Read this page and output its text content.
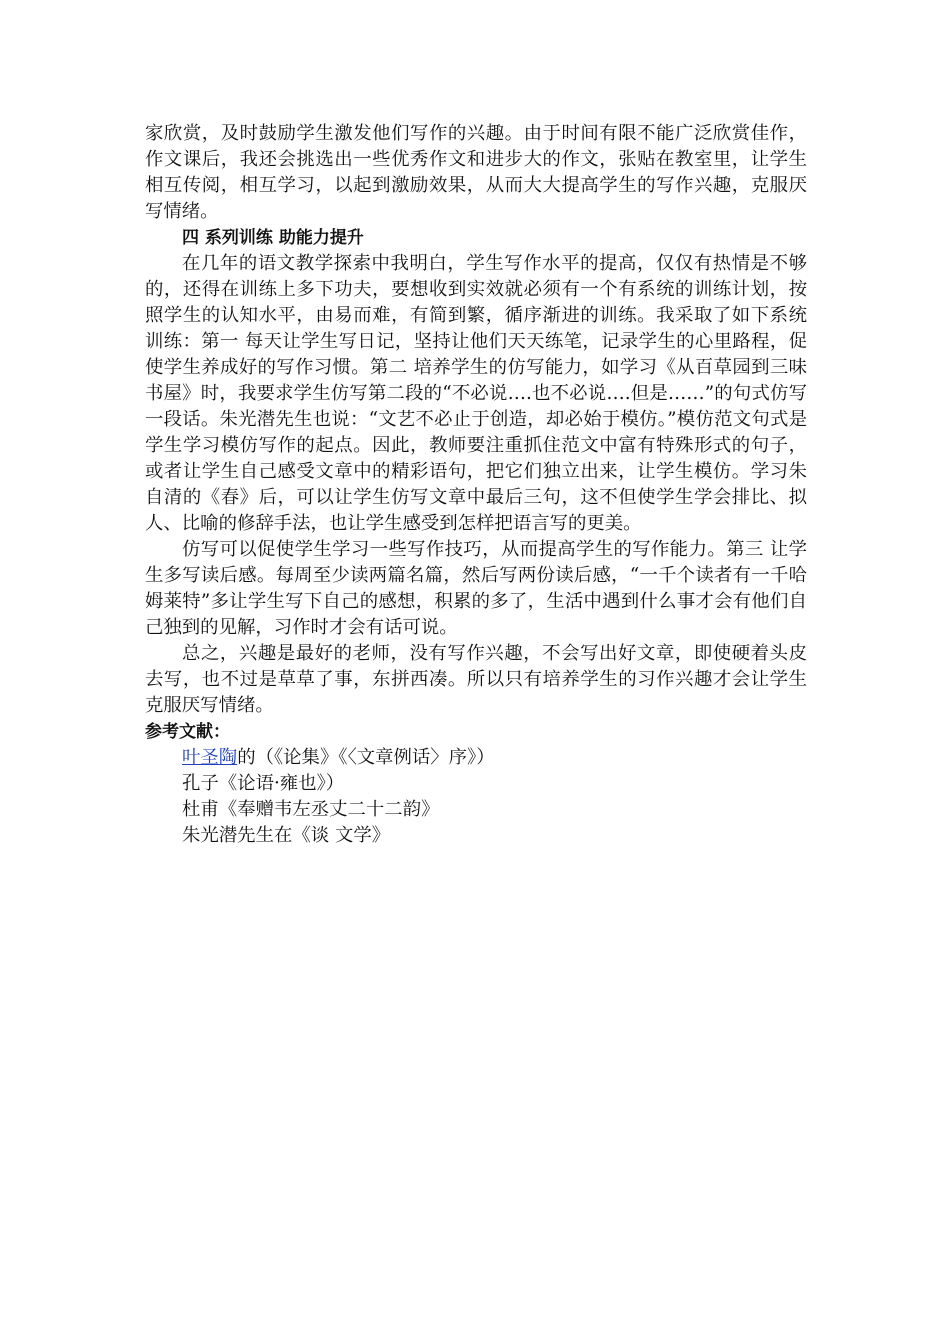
家欣赏，及时鼓励学生激发他们写作的兴趣。由于时间有限不能广泛欣赏佳作，作文课后，我还会挑选出一些优秀作文和进步大的作文，张贴在教室里，让学生相互传阅，相互学习，以起到激励效果，从而大大提高学生的写作兴趣，克服厌写情绪。

四 系列训练 助能力提升

在几年的语文教学探索中我明白，学生写作水平的提高，仅仅有热情是不够的，还得在训练上多下功夫，要想收到实效就必须有一个有系统的训练计划，按照学生的认知水平，由易而难，有简到繁，循序渐进的训练。我采取了如下系统训练：第一 每天让学生写日记，坚持让他们天天练笔，记录学生的心里路程，促使学生养成好的写作习惯。第二 培养学生的仿写能力，如学习《从百草园到三味书屋》时，我要求学生仿写第二段的“不必说….也不必说….但是……”的句式仿写一段话。朱光潜先生也说：“文艺不必止于创造，却必始于模仿。”模仿范文句式是学生学习模仿写作的起点。因此，教师要注重抓住范文中富有特殊形式的句子，或者让学生自己感受文章中的精彩语句，把它们独立出来，让学生模仿。学习朱自清的《春》后，可以让学生仿写文章中最后三句，这不但使学生学会排比、拟人、比喻的修辞手法，也让学生感受到怎样把语言写的更美。

仿写可以促使学生学习一些写作技巧，从而提高学生的写作能力。第三 让学生多写读后感。每周至少读两篇名篇，然后写两份读后感，“一千个读者有一千哈姆莱特”多让学生写下自己的感想，积累的多了，生活中遇到什么事才会有他们自己独到的见解，习作时才会有话可说。

总之，兴趣是最好的老师，没有写作兴趣，不会写出好文章，即使硬着头皮去写，也不过是草草了事，东拼西凑。所以只有培养学生的习作兴趣才会让学生克服厌写情绪。

参考文献：

叶圣陶的（《论集》《〈文章例话〉序》）

孔子《论语·雍也》）

杜甫《奉赠韦左丞丈二十二韵》

朱光潜先生在《谈 文学》
